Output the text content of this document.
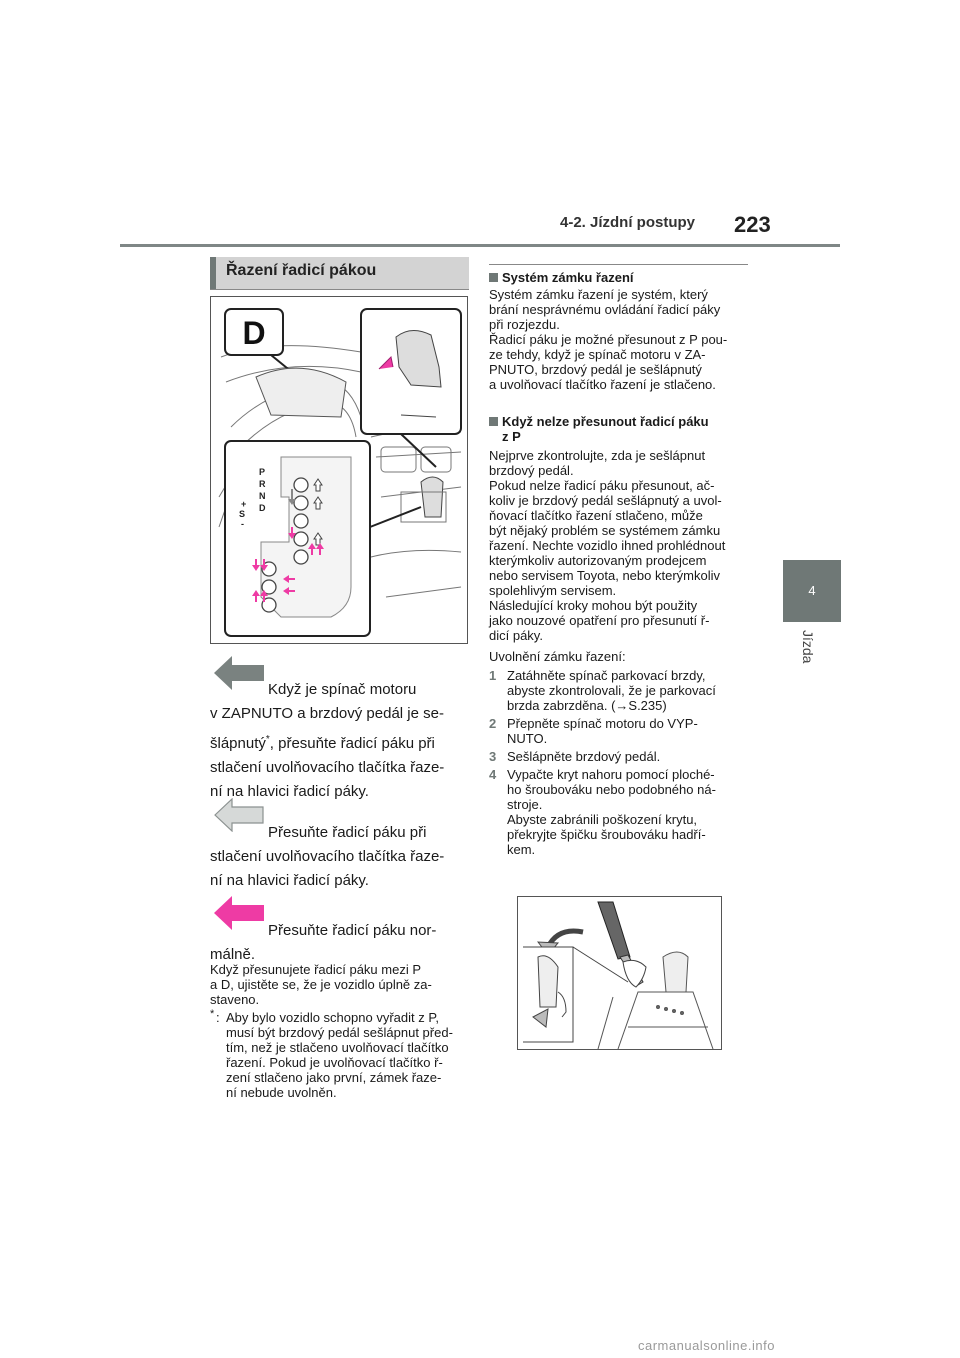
4-2. Jízdní postupy 223
4
Jízda
Řazení řadicí pákou
D
P
R
N
D
+
S
-
Když je spínač motoru
v ZAPNUTO a brzdový pedál je se-
šlápnutý*, přesuňte řadicí páku při
stlačení uvolňovacího tlačítka řaze-
ní na hlavici řadicí páky.
Přesuňte řadicí páku při
stlačení uvolňovacího tlačítka řaze-
ní na hlavici řadicí páky.
Přesuňte řadicí páku nor-
málně.
Když přesunujete řadicí páku mezi P
a D, ujistěte se, že je vozidlo úplně za-
staveno.
* : Aby bylo vozidlo schopno vyřadit z P,
musí být brzdový pedál sešlápnut před-
tím, než je stlačeno uvolňovací tlačítko
řazení. Pokud je uvolňovací tlačítko ř-
zení stlačeno jako první, zámek řaze-
ní nebude uvolněn.
Systém zámku řazení
Systém zámku řazení je systém, který
brání nesprávnému ovládání řadicí páky
při rozjezdu.
Řadicí páku je možné přesunout z P pou-
ze tehdy, když je spínač motoru v ZA-
PNUTO, brzdový pedál je sešlápnutý
a uvolňovací tlačítko řazení je stlačeno.
Když nelze přesunout řadicí páku
z P
Nejprve zkontrolujte, zda je sešlápnut
brzdový pedál.
Pokud nelze řadicí páku přesunout, ač-
koliv je brzdový pedál sešlápnutý a uvol-
ňovací tlačítko řazení stlačeno, může
být nějaký problém se systémem zámku
řazení. Nechte vozidlo ihned prohlédnout
kterýmkoliv autorizovaným prodejcem
nebo servisem Toyota, nebo kterýmkoliv
spolehlivým servisem.
Následující kroky mohou být použity
jako nouzové opatření pro přesunutí ř-
dicí páky.
Uvolnění zámku řazení:
1 Zatáhněte spínač parkovací brzdy,
abyste zkontrolovali, že je parkovací
brzda zabrzděna. (→S.235)
2 Přepněte spínač motoru do VYP-
NUTO.
3 Sešlápněte brzdový pedál.
4 Vypačte kryt nahoru pomocí ploché-
ho šroubováku nebo podobného ná-
stroje.
Abyste zabránili poškození krytu,
překryjte špičku šroubováku hadří-
kem.
carmanualsonline.info
